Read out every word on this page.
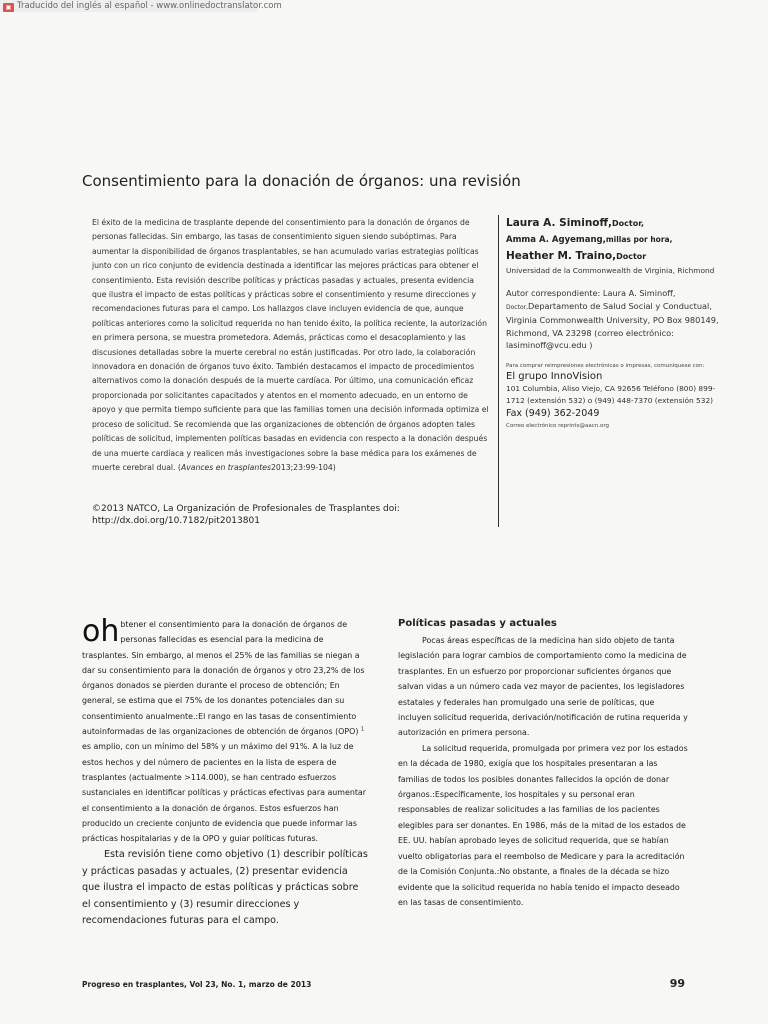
▣ Traducido del inglés al español - www.onlinedoctranslator.com
Consentimiento para la donación de órganos: una revisión
El éxito de la medicina de trasplante depende del consentimiento para la donación de órganos de personas fallecidas. Sin embargo, las tasas de consentimiento siguen siendo subóptimas. Para aumentar la disponibilidad de órganos trasplantables, se han acumulado varias estrategias políticas junto con un rico conjunto de evidencia destinada a identificar las mejores prácticas para obtener el consentimiento. Esta revisión describe políticas y prácticas pasadas y actuales, presenta evidencia que ilustra el impacto de estas políticas y prácticas sobre el consentimiento y resume direcciones y recomendaciones futuras para el campo. Los hallazgos clave incluyen evidencia de que, aunque políticas anteriores como la solicitud requerida no han tenido éxito, la política reciente, la autorización en primera persona, se muestra prometedora. Además, prácticas como el desacoplamiento y las discusiones detalladas sobre la muerte cerebral no están justificadas. Por otro lado, la colaboración innovadora en donación de órganos tuvo éxito. También destacamos el impacto de procedimientos alternativos como la donación después de la muerte cardíaca. Por último, una comunicación eficaz proporcionada por solicitantes capacitados y atentos en el momento adecuado, en un entorno de apoyo y que permita tiempo suficiente para que las familias tomen una decisión informada optimiza el proceso de solicitud. Se recomienda que las organizaciones de obtención de órganos adopten tales políticas de solicitud, implementen políticas basadas en evidencia con respecto a la donación después de una muerte cardíaca y realicen más investigaciones sobre la base médica para los exámenes de muerte cerebral dual. (Avances en trasplantes2013;23:99-104)
©2013 NATCO, La Organización de Profesionales de Trasplantes doi: http://dx.doi.org/10.7182/pit2013801
Laura A. Siminoff,Doctor,
Amma A. Agyemang,millas por hora,
Heather M. Traino,Doctor
Universidad de la Commonwealth de Virginia, Richmond
Autor correspondiente: Laura A. Siminoff, Doctor,Departamento de Salud Social y Conductual, Virginia Commonwealth University, PO Box 980149, Richmond, VA 23298 (correo electrónico: lasiminoff@vcu.edu )
Para comprar reimpresiones electrónicas o impresas, comuníquese con:
El grupo InnoVision
101 Columbia, Aliso Viejo, CA 92656 Teléfono (800) 899-1712 (extensión 532) o (949) 448-7370 (extensión 532)
Fax (949) 362-2049
Correo electrónico reprints@aacn.org

oh btener el consentimiento para la donación de órganos de personas fallecidas es esencial para la medicina de trasplantes. Sin embargo, al menos el 25% de las familias se niegan a dar su consentimiento para la donación de órganos y otro 23,2% de los órganos donados se pierden durante el proceso de obtención; En general, se estima que el 75% de los donantes potenciales dan su consentimiento anualmente.:El rango en las tasas de consentimiento autoinformadas de las organizaciones de obtención de órganos (OPO) $^1$ es amplio, con un mínimo del 58% y un máximo del 91%. A la luz de estos hechos y del número de pacientes en la lista de espera de trasplantes (actualmente >114.000), se han centrado esfuerzos sustanciales en identificar políticas y prácticas efectivas para aumentar el consentimiento a la donación de órganos. Estos esfuerzos han producido un creciente conjunto de evidencia que puede informar las prácticas hospitalarias y de la OPO y guiar políticas futuras.

Esta revisión tiene como objetivo (1) describir políticas y prácticas pasadas y actuales, (2) presentar evidencia que ilustra el impacto de estas políticas y prácticas sobre el consentimiento y (3) resumir direcciones y recomendaciones futuras para el campo.

Políticas pasadas y actuales

Pocas áreas específicas de la medicina han sido objeto de tanta legislación para lograr cambios de comportamiento como la medicina de trasplantes. En un esfuerzo por proporcionar suficientes órganos que salvan vidas a un número cada vez mayor de pacientes, los legisladores estatales y federales han promulgado una serie de políticas, que incluyen solicitud requerida, derivación/notificación de rutina requerida y autorización en primera persona.

La solicitud requerida, promulgada por primera vez por los estados en la década de 1980, exigía que los hospitales presentaran a las familias de todos los posibles donantes fallecidos la opción de donar órganos.:Específicamente, los hospitales y su personal eran responsables de realizar solicitudes a las familias de los pacientes elegibles para ser donantes. En 1986, más de la mitad de los estados de EE. UU. habían aprobado leyes de solicitud requerida, que se habían vuelto obligatorias para el reembolso de Medicare y para la acreditación de la Comisión Conjunta.:No obstante, a finales de la década se hizo evidente que la solicitud requerida no había tenido el impacto deseado en las tasas de consentimiento.

Progreso en trasplantes, Vol 23, No. 1, marzo de 2013	99
